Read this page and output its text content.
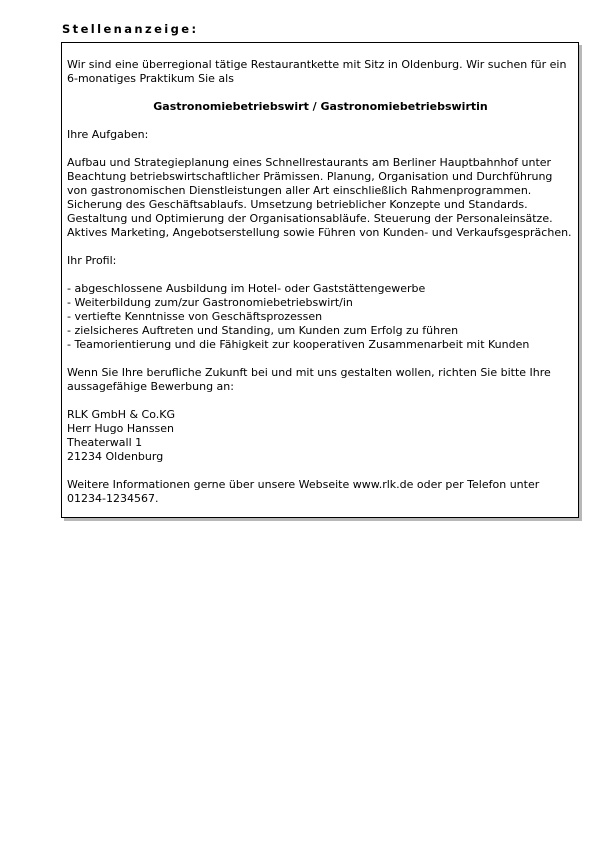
Stellenanzeige:

Wir sind eine überregional tätige Restaurantkette mit Sitz in Oldenburg. Wir suchen für ein 6-monatiges Praktikum Sie als

Gastronomiebetriebswirt / Gastronomiebetriebswirtin

Ihre Aufgaben:

Aufbau und Strategieplanung eines Schnellrestaurants am Berliner Hauptbahnhof unter Beachtung betriebswirtschaftlicher Prämissen. Planung, Organisation und Durchführung von gastronomischen Dienstleistungen aller Art einschließlich Rahmenprogrammen. Sicherung des Geschäftsablaufs. Umsetzung betrieblicher Konzepte und Standards. Gestaltung und Optimierung der Organisationsabläufe. Steuerung der Personaleinsätze. Aktives Marketing, Angebotserstellung sowie Führen von Kunden- und Verkaufsgesprächen.

Ihr Profil:

- abgeschlossene Ausbildung im Hotel- oder Gaststättengewerbe
- Weiterbildung zum/zur Gastronomiebetriebswirt/in
- vertiefte Kenntnisse von Geschäftsprozessen
- zielsicheres Auftreten und Standing, um Kunden zum Erfolg zu führen
- Teamorientierung und die Fähigkeit zur kooperativen Zusammenarbeit mit Kunden

Wenn Sie Ihre berufliche Zukunft bei und mit uns gestalten wollen, richten Sie bitte Ihre aussagefähige Bewerbung an:

RLK GmbH & Co.KG
Herr Hugo Hanssen
Theaterwall 1
21234 Oldenburg

Weitere Informationen gerne über unsere Webseite www.rlk.de oder per Telefon unter 01234-1234567.
